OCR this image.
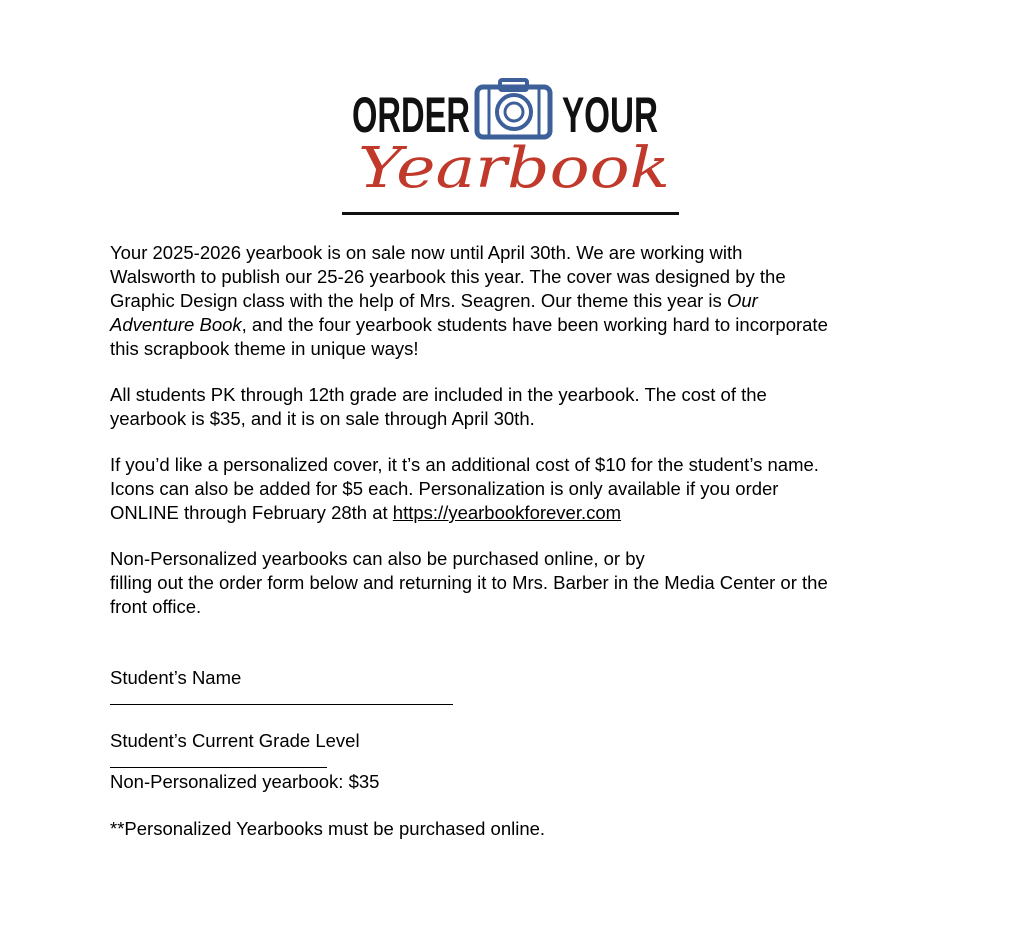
ORDER YOUR
Yearbook

Your 2025-2026 yearbook is on sale now until April 30th. We are working with

Walsworth to publish our 25-26 yearbook this year. The cover was designed by the

Graphic Design class with the help of Mrs. Seagren. Our theme this year is Our

Adventure Book, and the four yearbook students have been working hard to incorporate

this scrapbook theme in unique ways!

All students PK through 12th grade are included in the yearbook. The cost of the

yearbook is $35, and it is on sale through April 30th.

If you’d like a personalized cover, it t’s an additional cost of $10 for the student’s name.

Icons can also be added for $5 each. Personalization is only available if you order

ONLINE through February 28th at https://yearbookforever.com

Non-Personalized yearbooks can also be purchased online, or by

filling out the order form below and returning it to Mrs. Barber in the Media Center or the

front office.

Student’s Name

Student’s Current Grade Level

Non-Personalized yearbook: $35

**Personalized Yearbooks must be purchased online.
